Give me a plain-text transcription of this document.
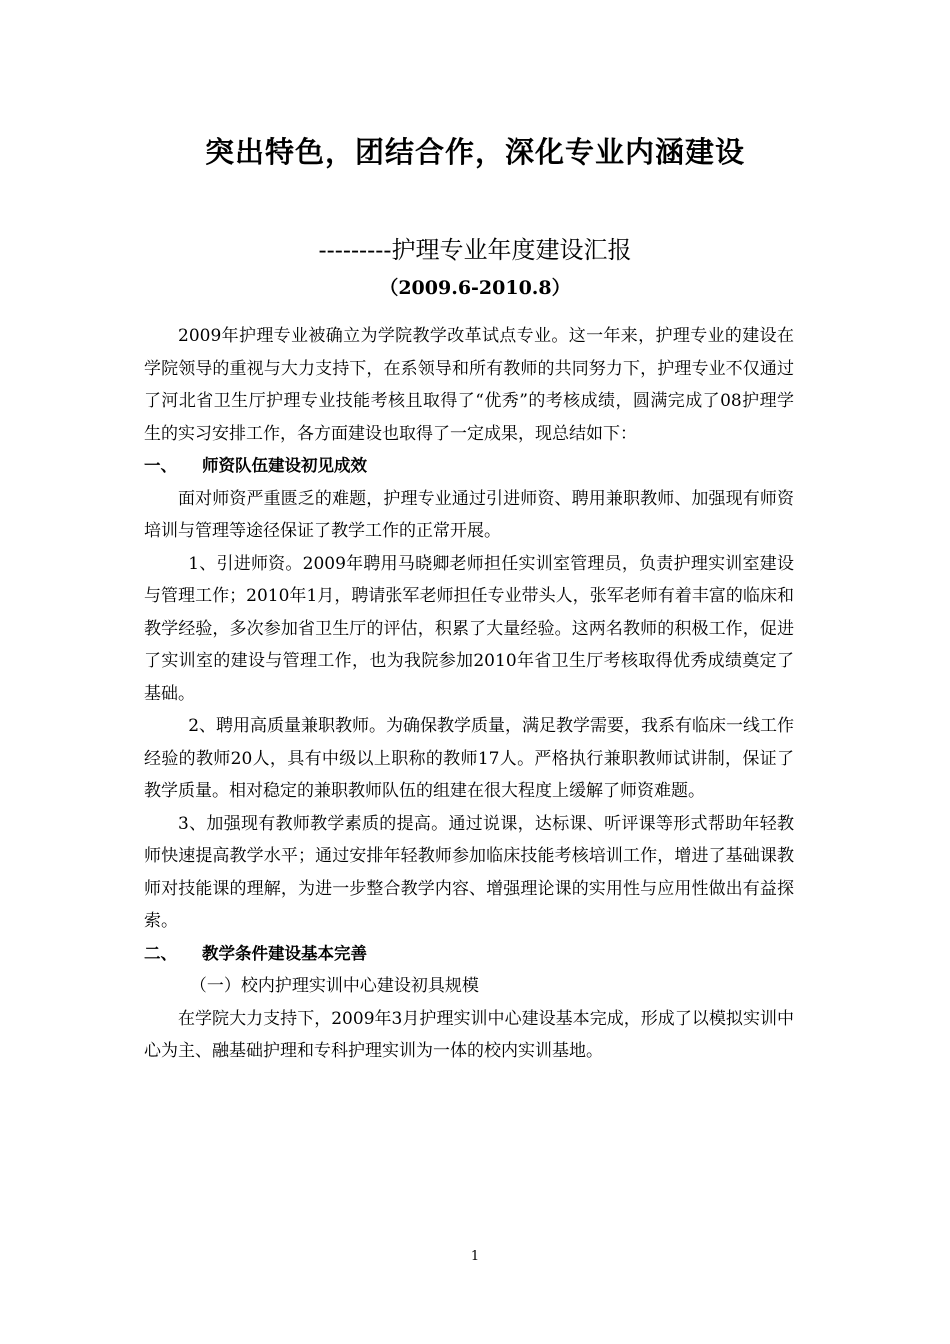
突出特色，团结合作，深化专业内涵建设
---------护理专业年度建设汇报
（2009.6-2010.8）

2009年护理专业被确立为学院教学改革试点专业。这一年来，护理专业的建设在学院领导的重视与大力支持下，在系领导和所有教师的共同努力下，护理专业不仅通过了河北省卫生厅护理专业技能考核且取得了“优秀”的考核成绩，圆满完成了08护理学生的实习安排工作，各方面建设也取得了一定成果，现总结如下：

一、 师资队伍建设初见成效

面对师资严重匮乏的难题，护理专业通过引进师资、聘用兼职教师、加强现有师资培训与管理等途径保证了教学工作的正常开展。

1、引进师资。2009年聘用马晓卿老师担任实训室管理员，负责护理实训室建设与管理工作；2010年1月，聘请张军老师担任专业带头人，张军老师有着丰富的临床和教学经验，多次参加省卫生厅的评估，积累了大量经验。这两名教师的积极工作，促进了实训室的建设与管理工作，也为我院参加2010年省卫生厅考核取得优秀成绩奠定了基础。

2、聘用高质量兼职教师。为确保教学质量，满足教学需要，我系有临床一线工作经验的教师20人，具有中级以上职称的教师17人。严格执行兼职教师试讲制，保证了教学质量。相对稳定的兼职教师队伍的组建在很大程度上缓解了师资难题。

3、加强现有教师教学素质的提高。通过说课，达标课、听评课等形式帮助年轻教师快速提高教学水平；通过安排年轻教师参加临床技能考核培训工作，增进了基础课教师对技能课的理解，为进一步整合教学内容、增强理论课的实用性与应用性做出有益探索。

二、 教学条件建设基本完善

（一）校内护理实训中心建设初具规模

在学院大力支持下，2009年3月护理实训中心建设基本完成，形成了以模拟实训中心为主、融基础护理和专科护理实训为一体的校内实训基地。

1
